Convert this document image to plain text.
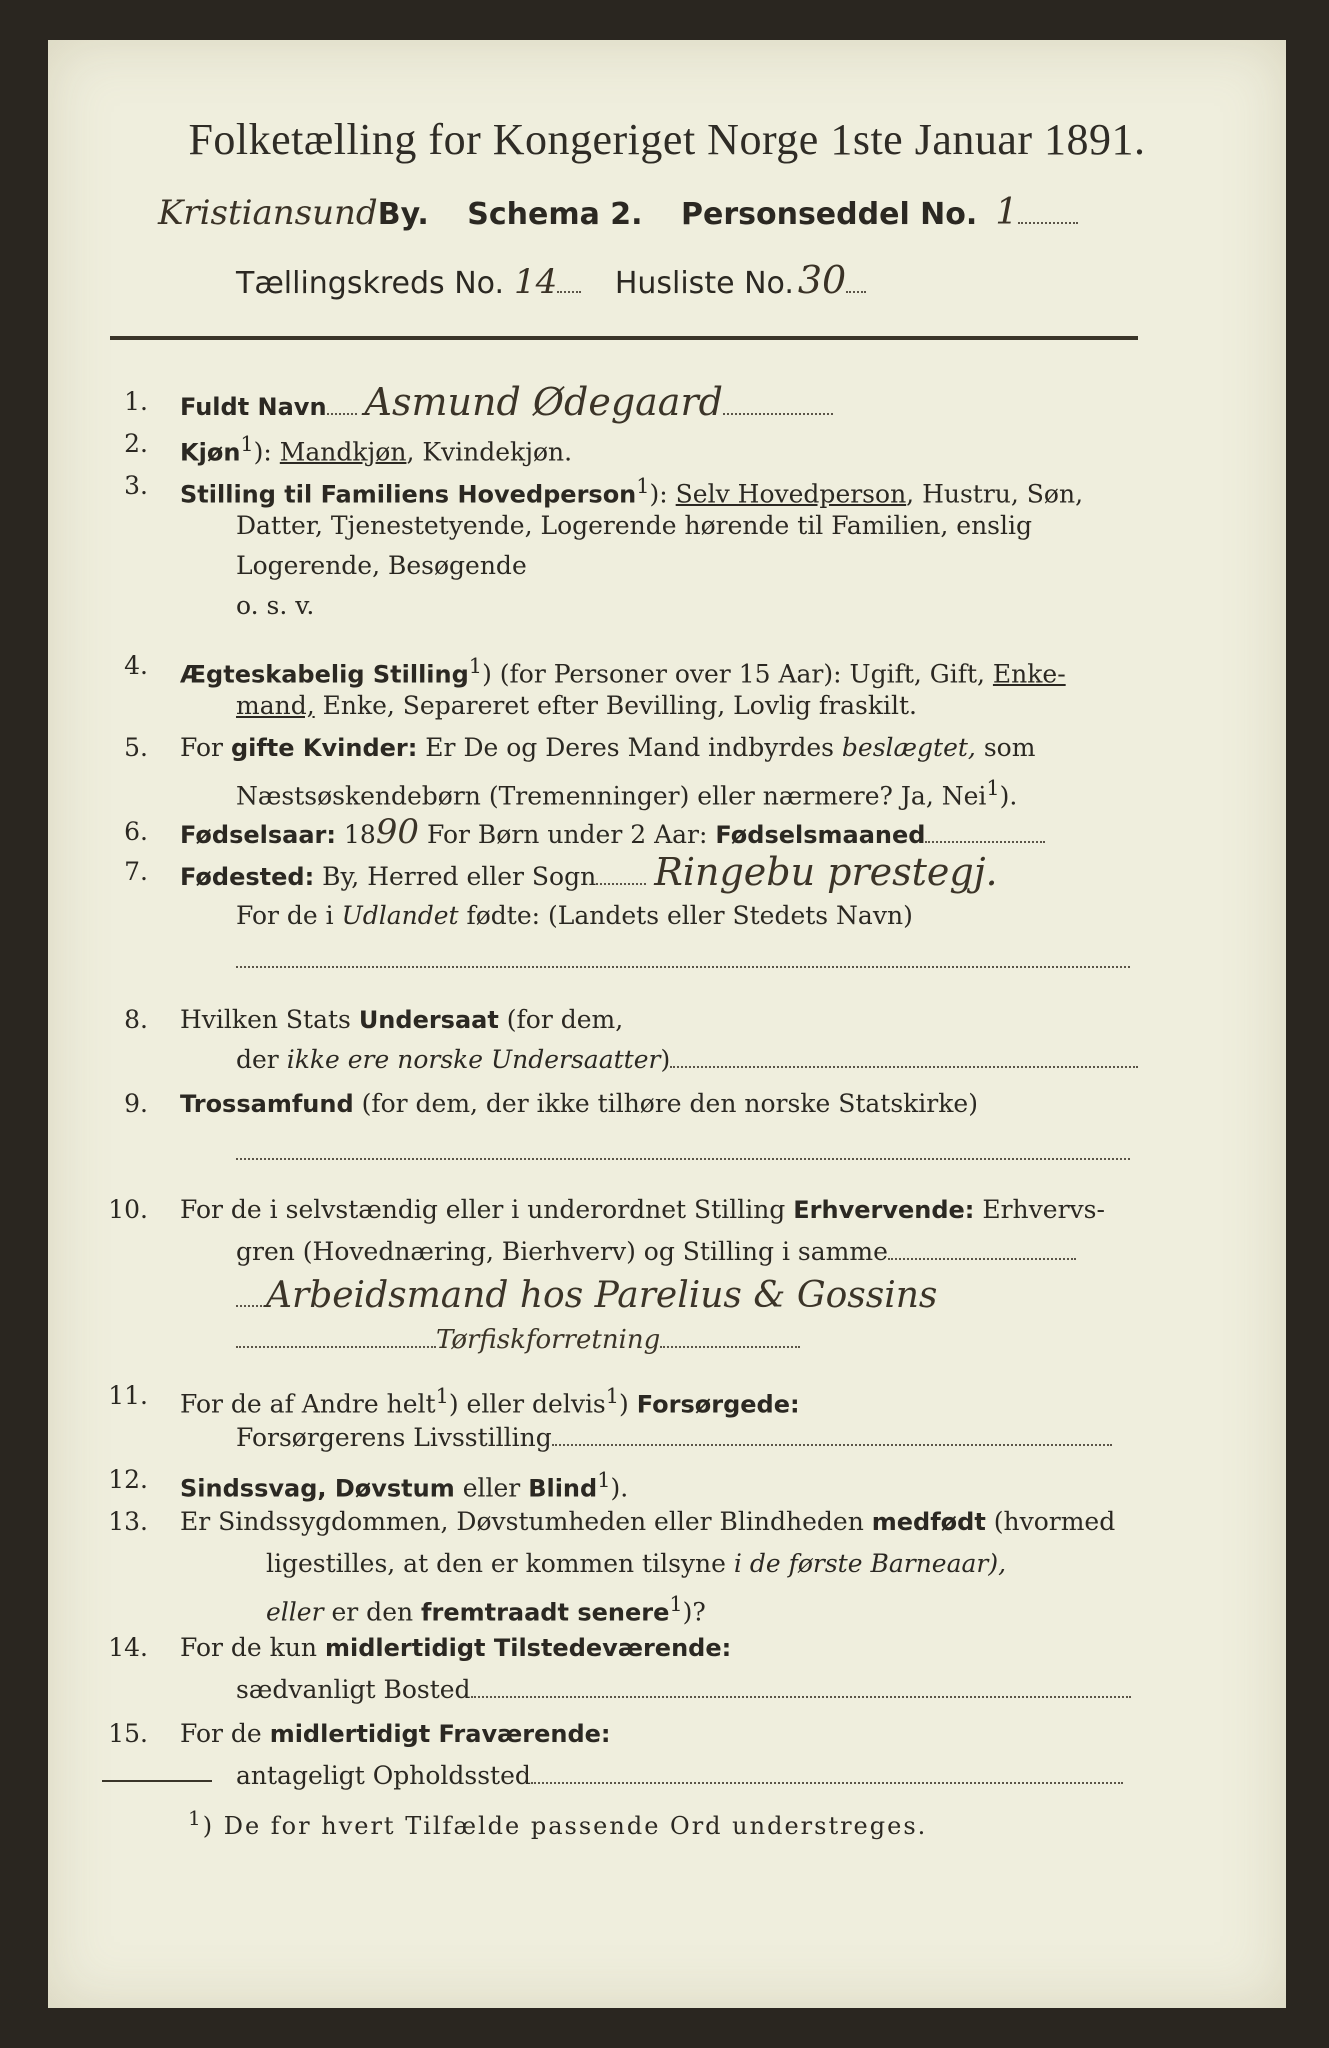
Folketælling for Kongeriget Norge 1ste Januar 1891.
KristiansundBy. Schema 2. Personseddel No. 1
Tællingskreds No. 14 Husliste No. 30
1. Fuldt Navn Asmund Ødegaard
2. Kjøn$^1$): Mandkjøn, Kvindekjøn.
3. Stilling til Familiens Hovedperson$^1$): Selv Hovedperson, Hustru, Søn,
Datter, Tjenestetyende, Logerende hørende til Familien, enslig
Logerende, Besøgende
o. s. v.
4. Ægteskabelig Stilling$^1$) (for Personer over 15 Aar): Ugift, Gift, Enke-
mand, Enke, Separeret efter Bevilling, Lovlig fraskilt.
5. For gifte Kvinder: Er De og Deres Mand indbyrdes beslægtet, som
Næstsøskendebørn (Tremenninger) eller nærmere? Ja, Nei$^1$).
6. Fødselsaar: 1890 For Børn under 2 Aar: Fødselsmaaned
7. Fødested: By, Herred eller Sogn Ringebu prestegj.
For de i Udlandet fødte: (Landets eller Stedets Navn)
8. Hvilken Stats Undersaat (for dem,
der ikke ere norske Undersaatter)
9. Trossamfund (for dem, der ikke tilhøre den norske Statskirke)
10. For de i selvstændig eller i underordnet Stilling Erhvervende: Erhvervs-
gren (Hovednæring, Bierhverv) og Stilling i samme
Arbeidsmand hos Parelius & Gossins
Tørfiskforretning
11. For de af Andre helt$^1$) eller delvis$^1$) Forsørgede:
Forsørgerens Livsstilling
12. Sindssvag, Døvstum eller Blind$^1$).
13. Er Sindssygdommen, Døvstumheden eller Blindheden medfødt (hvormed
ligestilles, at den er kommen tilsyne i de første Barneaar),
eller er den fremtraadt senere$^1$)?
14. For de kun midlertidigt Tilstedeværende:
sædvanligt Bosted
15. For de midlertidigt Fraværende:
antageligt Opholdssted
$^1$) De for hvert Tilfælde passende Ord understreges.
